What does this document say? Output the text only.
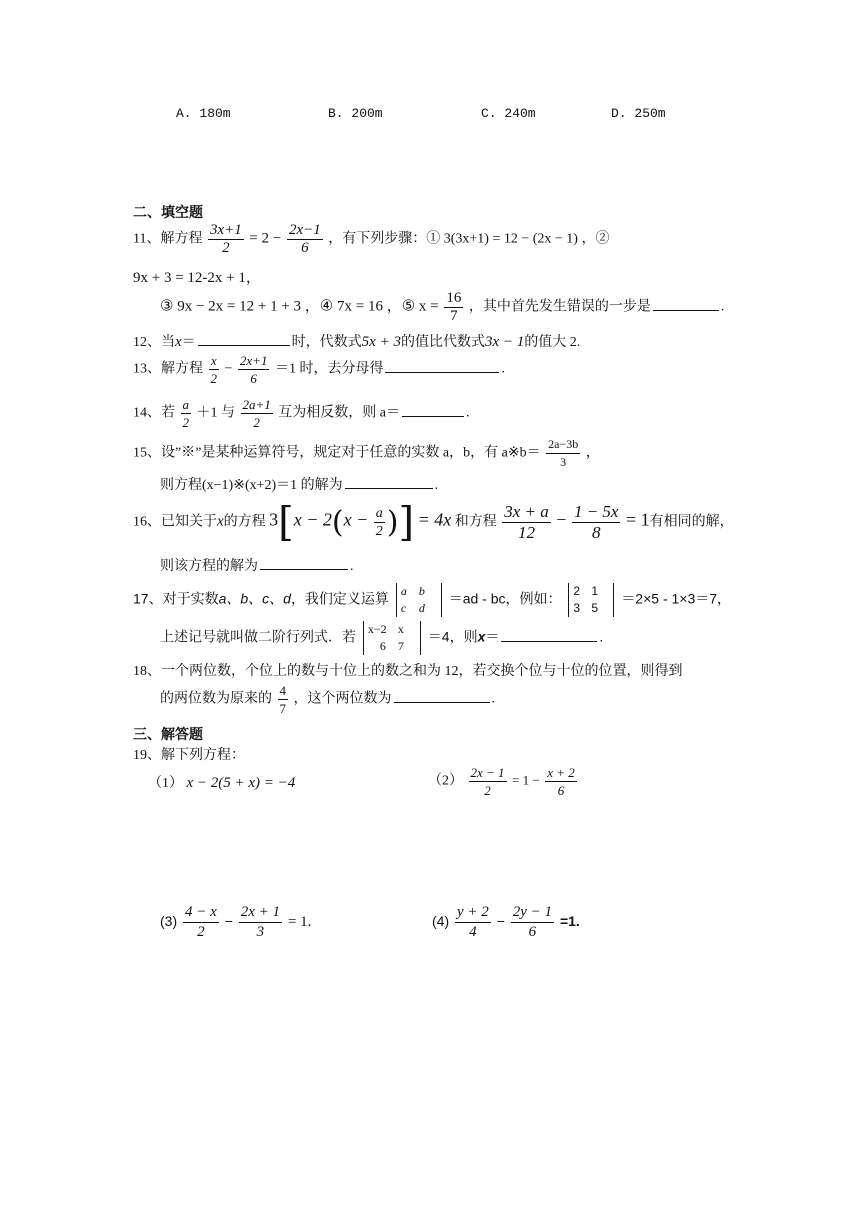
A. 180m	B. 200m	C. 240m	D. 250m
二、填空题
11、解方程 $\frac{3x+1}{2} = 2 - \frac{2x-1}{6}$ ，有下列步骤：① 3(3x+1) = 12 − (2x − 1) ，②
9x + 3 = 12-2x + 1，
③ 9x − 2x = 12 + 1 + 3 ，④ 7x = 16 ，⑤ $x = \frac{16}{7}$ ，其中首先发生错误的一步是	.
12、当x＝	时，代数式5x + 3的值比代数式3x − 1的值大 2.
13、解方程 $\frac{x}{2} - \frac{2x+1}{6} =1$ 时，去分母得	.
14、若 $\frac{a}{2} +1$ 与 $\frac{2a+1}{2}$ 互为相反数，则 a＝	.
15、设”※”是某种运算符号，规定对于任意的实数 a，b，有 a※b＝ $\frac{2a-3b}{3}$ ，
则方程(x−1)※(x+2)＝1 的解为	.
16、已知关于x的方程 $3[x - 2(x - \frac{a}{2}$ )] = 4x 和方程 $\frac{3x + a}{12} - \frac{1 - 5x}{8} = 1$有相同的解，
则该方程的解为	.
17、对于实数a、b、c、d，我们定义运算 a b
c d
＝ad - bc，例如： 2 1
3 5
＝2×5 - 1×3＝7，
上述记号就叫做二阶行列式．若 x−2 x
6 7
＝4，则x＝	.
18、一个两位数，个位上的数与十位上的数之和为 12，若交换个位与十位的位置，则得到
的两位数为原来的 $\frac{4}{7}$ ，这个两位数为	.
三、解答题
19、解下列方程：
（1） x − 2(5 + x) = −4	$(2) \frac{2x - 1}{2} = 1 - \frac{x + 2}{6}$
$(3) \frac{4 - x}{2} - \frac{2x + 1}{3} = 1$.	$(4) \frac{y + 2}{4} - \frac{2y - 1}{6} =1$.
